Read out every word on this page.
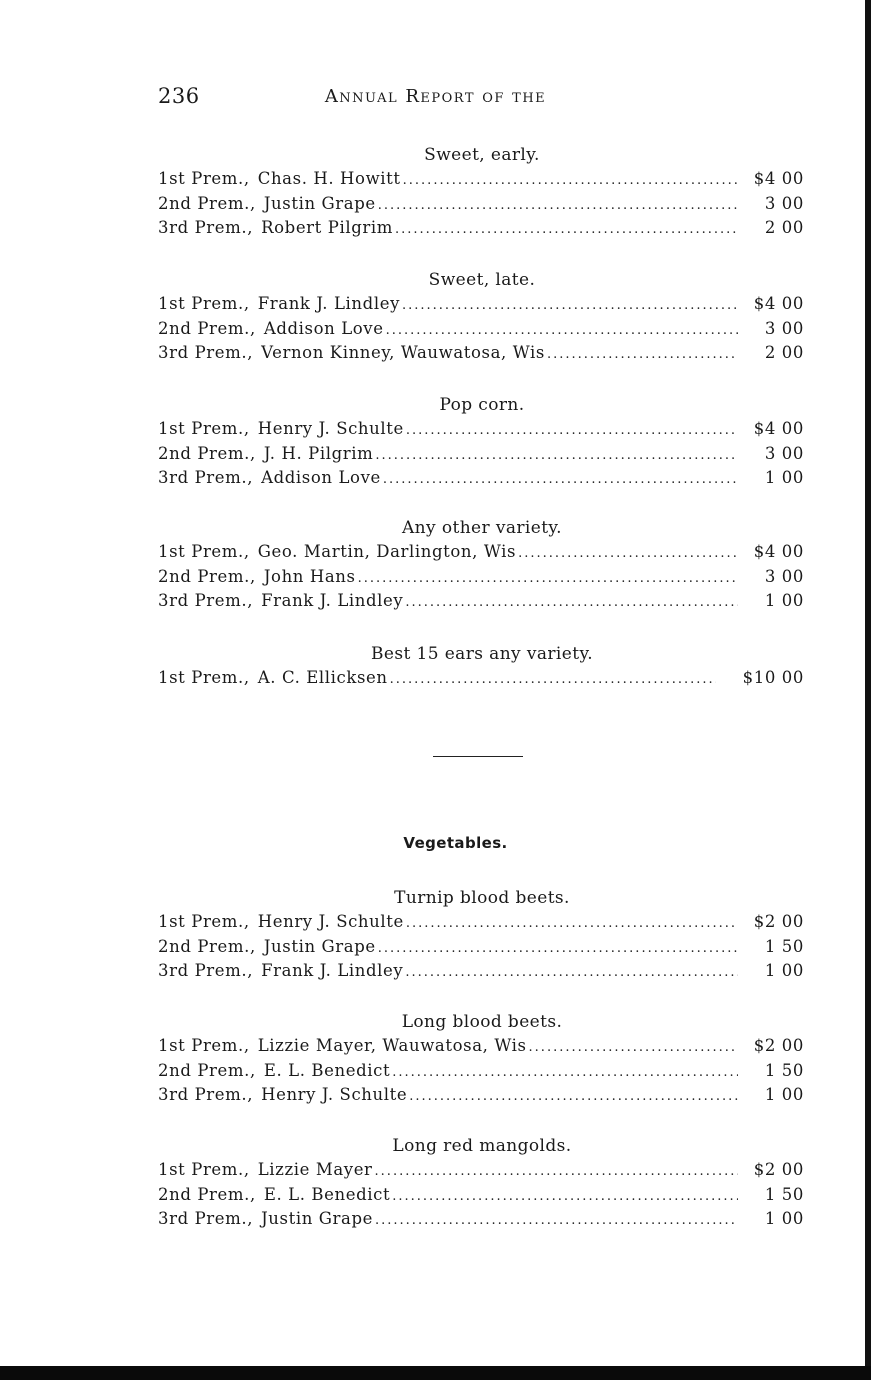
236	Annual Report of the
Sweet, early.
1st Prem., Chas. H. Howitt .....	$4 00
2nd Prem., Justin Grape .....	3 00
3rd Prem., Robert Pilgrim .....	2 00
Sweet, late.
1st Prem., Frank J. Lindley .....	$4 00
2nd Prem., Addison Love .....	3 00
3rd Prem., Vernon Kinney, Wauwatosa, Wis .....	2 00
Pop corn.
1st Prem., Henry J. Schulte .....	$4 00
2nd Prem., J. H. Pilgrim .....	3 00
3rd Prem., Addison Love .....	1 00
Any other variety.
1st Prem., Geo. Martin, Darlington, Wis .....	$4 00
2nd Prem., John Hans .....	3 00
3rd Prem., Frank J. Lindley .....	1 00
Best 15 ears any variety.
1st Prem., A. C. Ellicksen .....	$10 00
Vegetables.
Turnip blood beets.
1st Prem., Henry J. Schulte .....	$2 00
2nd Prem., Justin Grape .....	1 50
3rd Prem., Frank J. Lindley .....	1 00
Long blood beets.
1st Prem., Lizzie Mayer, Wauwatosa, Wis .....	$2 00
2nd Prem., E. L. Benedict .....	1 50
3rd Prem., Henry J. Schulte .....	1 00
Long red mangolds.
1st Prem., Lizzie Mayer .....	$2 00
2nd Prem., E. L. Benedict .....	1 50
3rd Prem., Justin Grape .....	1 00
